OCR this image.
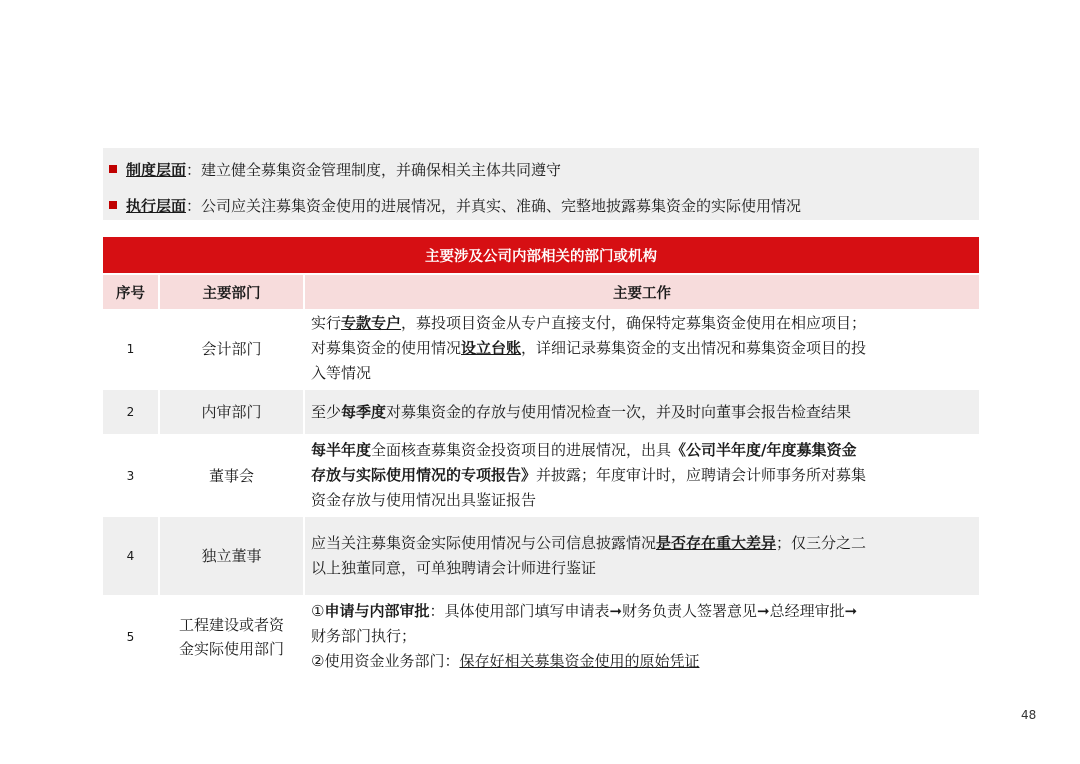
制度层面：建立健全募集资金管理制度，并确保相关主体共同遵守
执行层面：公司应关注募集资金使用的进展情况，并真实、准确、完整地披露募集资金的实际使用情况
主要涉及公司内部相关的部门或机构
序号	主要部门	主要工作
1	会计部门	实行专款专户，募投项目资金从专户直接支付，确保特定募集资金使用在相应项目；
对募集资金的使用情况设立台账，详细记录募集资金的支出情况和募集资金项目的投
入等情况
2	内审部门	至少每季度对募集资金的存放与使用情况检查一次，并及时向董事会报告检查结果
3	董事会	每半年度全面核查募集资金投资项目的进展情况，出具《公司半年度/年度募集资金
存放与实际使用情况的专项报告》并披露；年度审计时，应聘请会计师事务所对募集
资金存放与使用情况出具鉴证报告
4	独立董事	应当关注募集资金实际使用情况与公司信息披露情况是否存在重大差异；仅三分之二
以上独董同意，可单独聘请会计师进行鉴证
5	工程建设或者资
金实际使用部门	①申请与内部审批：具体使用部门填写申请表➞财务负责人签署意见➞总经理审批➞
财务部门执行；
②使用资金业务部门：保存好相关募集资金使用的原始凭证
48
